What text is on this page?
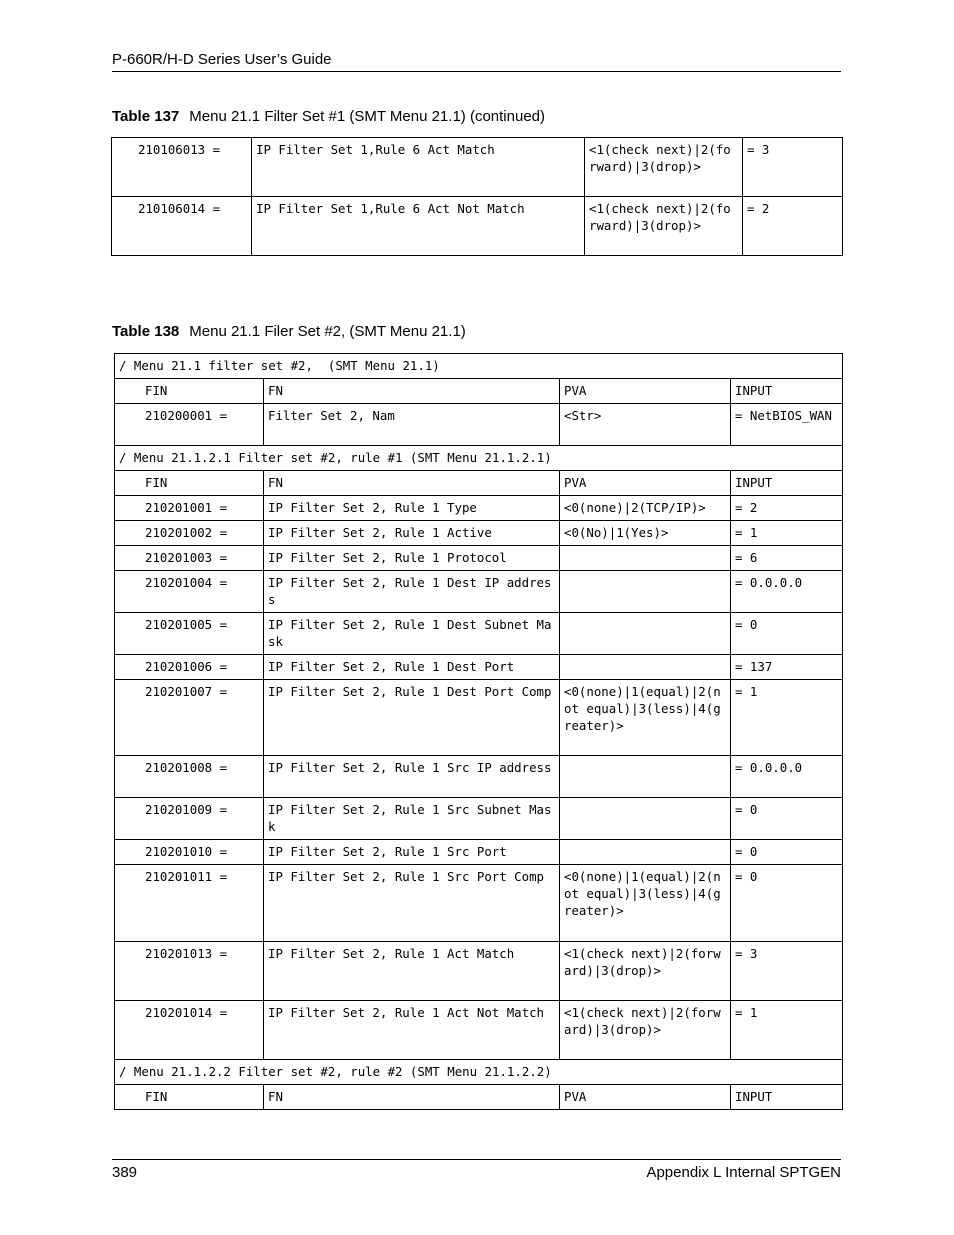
P-660R/H-D Series User’s Guide
Table 137 Menu 21.1 Filter Set #1 (SMT Menu 21.1) (continued)
210106013 =	IP Filter Set 1,Rule 6 Act Match	<1(check next)|2(forward)|3(drop)>	= 3
210106014 =	IP Filter Set 1,Rule 6 Act Not Match	<1(check next)|2(forward)|3(drop)>	= 2
Table 138 Menu 21.1 Filer Set #2, (SMT Menu 21.1)
/ Menu 21.1 filter set #2,  (SMT Menu 21.1)			
FIN	FN	PVA	INPUT
210200001 =	Filter Set 2, Nam	<Str>	= NetBIOS_WAN
/ Menu 21.1.2.1 Filter set #2, rule #1 (SMT Menu 21.1.2.1)			
FIN	FN	PVA	INPUT
210201001 =	IP Filter Set 2, Rule 1 Type	<0(none)|2(TCP/IP)>	= 2
210201002 =	IP Filter Set 2, Rule 1 Active	<0(No)|1(Yes)>	= 1
210201003 =	IP Filter Set 2, Rule 1 Protocol		= 6
210201004 =	IP Filter Set 2, Rule 1 Dest IP address		= 0.0.0.0
210201005 =	IP Filter Set 2, Rule 1 Dest Subnet Mask		= 0
210201006 =	IP Filter Set 2, Rule 1 Dest Port		= 137
210201007 =	IP Filter Set 2, Rule 1 Dest Port Comp	<0(none)|1(equal)|2(not equal)|3(less)|4(greater)>	= 1
210201008 =	IP Filter Set 2, Rule 1 Src IP address		= 0.0.0.0
210201009 =	IP Filter Set 2, Rule 1 Src Subnet Mask		= 0
210201010 =	IP Filter Set 2, Rule 1 Src Port		= 0
210201011 =	IP Filter Set 2, Rule 1 Src Port Comp	<0(none)|1(equal)|2(not equal)|3(less)|4(greater)>	= 0
210201013 =	IP Filter Set 2, Rule 1 Act Match	<1(check next)|2(forward)|3(drop)>	= 3
210201014 =	IP Filter Set 2, Rule 1 Act Not Match	<1(check next)|2(forward)|3(drop)>	= 1
/ Menu 21.1.2.2 Filter set #2, rule #2 (SMT Menu 21.1.2.2)			
FIN	FN	PVA	INPUT
389	Appendix L Internal SPTGEN
